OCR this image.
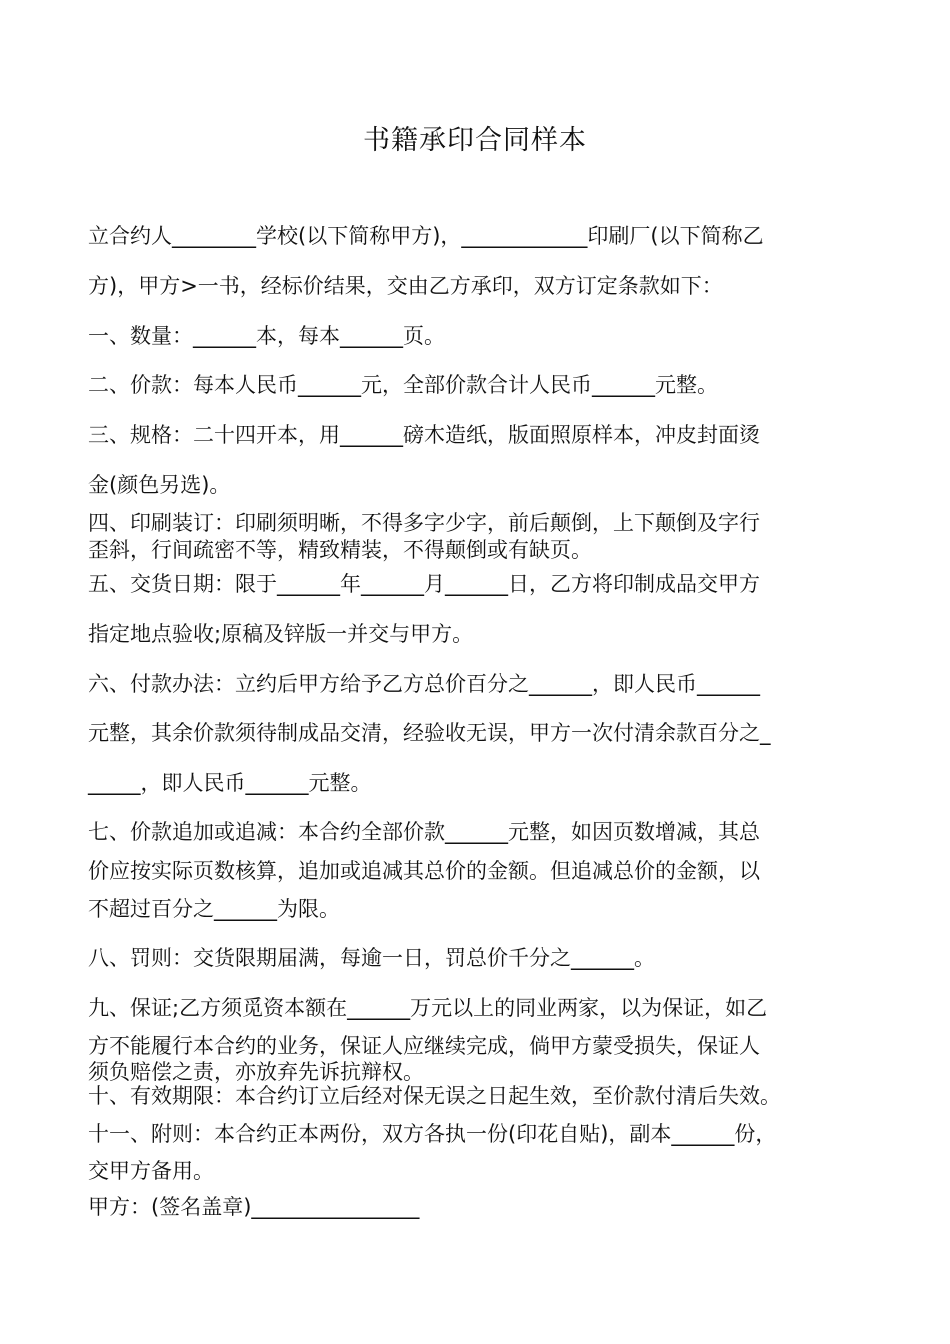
书籍承印合同样本
立合约人________学校(以下简称甲方)，____________印刷厂(以下简称乙
方)，甲方>一书，经标价结果，交由乙方承印，双方订定条款如下：
一、数量：______本，每本______页。
二、价款：每本人民币______元，全部价款合计人民币______元整。
三、规格：二十四开本，用______磅木造纸，版面照原样本，冲皮封面烫
金(颜色另选)。
四、印刷装订：印刷须明晰，不得多字少字，前后颠倒，上下颠倒及字行
歪斜，行间疏密不等，精致精装，不得颠倒或有缺页。
五、交货日期：限于______年______月______日，乙方将印制成品交甲方
指定地点验收;原稿及锌版一并交与甲方。
六、付款办法：立约后甲方给予乙方总价百分之______，即人民币______
元整，其余价款须待制成品交清，经验收无误，甲方一次付清余款百分之_
_____，即人民币______元整。
七、价款追加或追减：本合约全部价款______元整，如因页数增减，其总
价应按实际页数核算，追加或追减其总价的金额。但追减总价的金额，以
不超过百分之______为限。
八、罚则：交货限期届满，每逾一日，罚总价千分之______。
九、保证;乙方须觅资本额在______万元以上的同业两家，以为保证，如乙
方不能履行本合约的业务，保证人应继续完成，倘甲方蒙受损失，保证人
须负赔偿之责，亦放弃先诉抗辩权。
十、有效期限：本合约订立后经对保无误之日起生效，至价款付清后失效。
十一、附则：本合约正本两份，双方各执一份(印花自贴)，副本______份，
交甲方备用。
甲方：(签名盖章)________________
